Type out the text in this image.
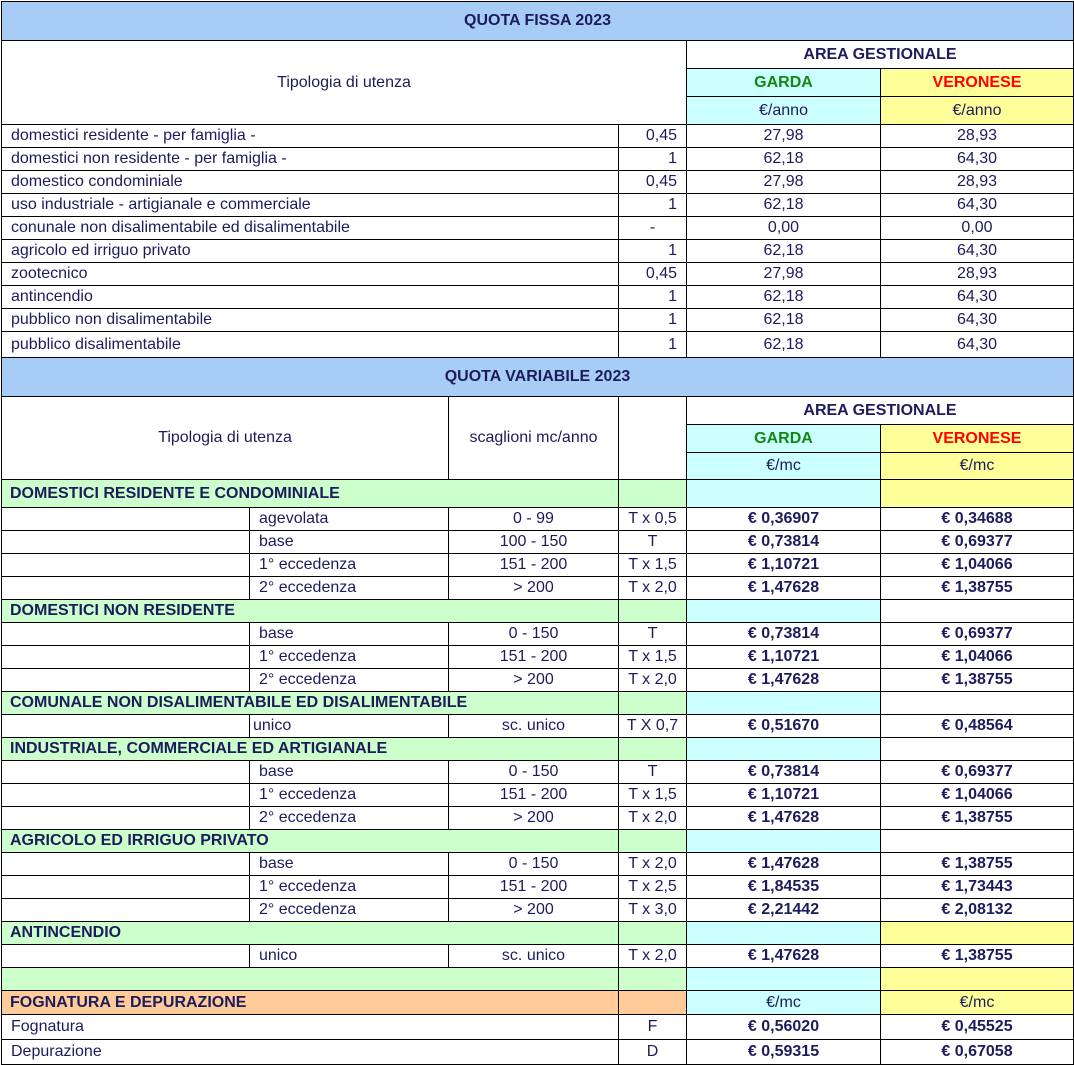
QUOTA FISSA 2023
Tipologia di utenza
AREA GESTIONALE
GARDA	VERONESE
€/anno	€/anno
domestici residente - per famiglia -	0,45	27,98	28,93
domestici non residente - per famiglia -	1	62,18	64,30
domestico condominiale	0,45	27,98	28,93
uso industriale - artigianale e commerciale	1	62,18	64,30
conunale non disalimentabile ed disalimentabile	-	0,00	0,00
agricolo ed irriguo privato	1	62,18	64,30
zootecnico	0,45	27,98	28,93
antincendio	1	62,18	64,30
pubblico non disalimentabile	1	62,18	64,30
pubblico disalimentabile	1	62,18	64,30
QUOTA VARIABILE 2023
Tipologia di utenza	scaglioni mc/anno
AREA GESTIONALE
GARDA	VERONESE
€/mc	€/mc
DOMESTICI RESIDENTE E CONDOMINIALE
agevolata	0 - 99	T x 0,5	€ 0,36907	€ 0,34688
base	100 - 150	T	€ 0,73814	€ 0,69377
1° eccedenza	151 - 200	T x 1,5	€ 1,10721	€ 1,04066
2° eccedenza	> 200	T x 2,0	€ 1,47628	€ 1,38755
DOMESTICI NON RESIDENTE
base	0 - 150	T	€ 0,73814	€ 0,69377
1° eccedenza	151 - 200	T x 1,5	€ 1,10721	€ 1,04066
2° eccedenza	> 200	T x 2,0	€ 1,47628	€ 1,38755
COMUNALE NON DISALIMENTABILE ED DISALIMENTABILE
unico	sc. unico	T X 0,7	€ 0,51670	€ 0,48564
INDUSTRIALE, COMMERCIALE ED ARTIGIANALE
base	0 - 150	T	€ 0,73814	€ 0,69377
1° eccedenza	151 - 200	T x 1,5	€ 1,10721	€ 1,04066
2° eccedenza	> 200	T x 2,0	€ 1,47628	€ 1,38755
AGRICOLO ED IRRIGUO PRIVATO
base	0 - 150	T x 2,0	€ 1,47628	€ 1,38755
1° eccedenza	151 - 200	T x 2,5	€ 1,84535	€ 1,73443
2° eccedenza	> 200	T x 3,0	€ 2,21442	€ 2,08132
ANTINCENDIO
unico	sc. unico	T x 2,0	€ 1,47628	€ 1,38755
FOGNATURA E DEPURAZIONE	€/mc	€/mc
Fognatura	F	€ 0,56020	€ 0,45525
Depurazione	D	€ 0,59315	€ 0,67058
